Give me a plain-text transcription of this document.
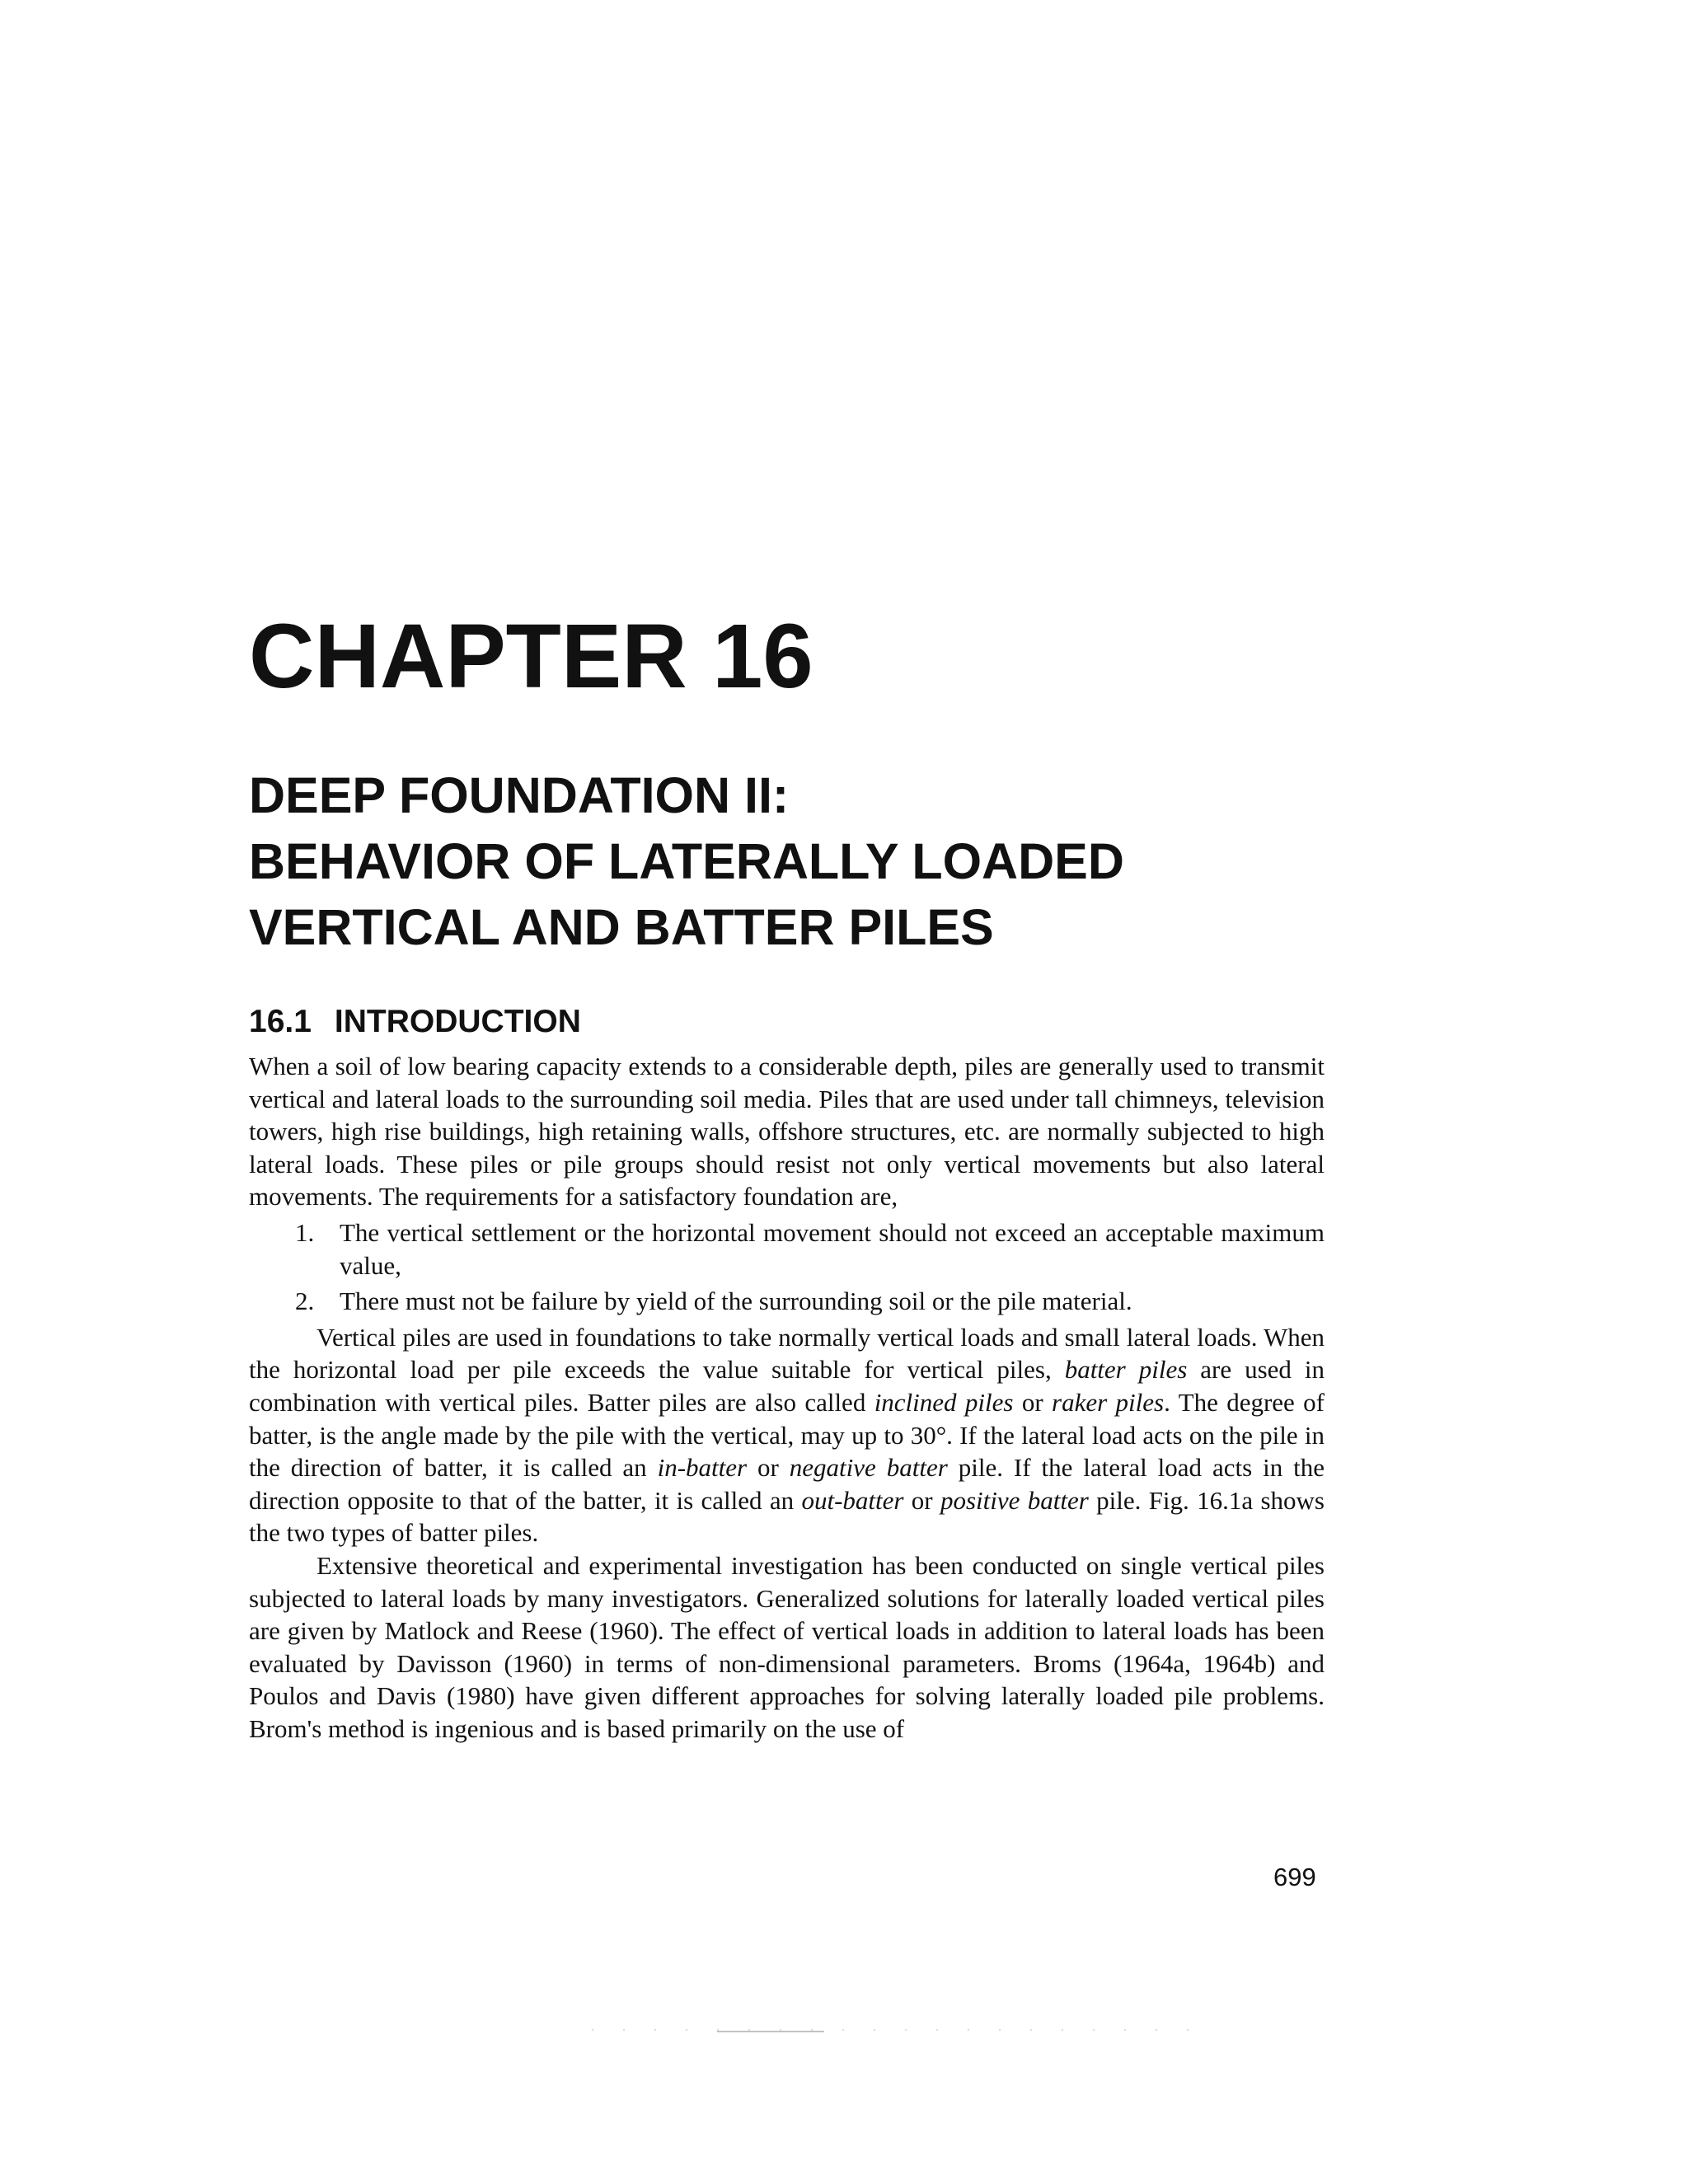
CHAPTER 16
DEEP FOUNDATION II:
BEHAVIOR OF LATERALLY LOADED
VERTICAL AND BATTER PILES
16.1 INTRODUCTION

When a soil of low bearing capacity extends to a considerable depth, piles are generally used to transmit vertical and lateral loads to the surrounding soil media. Piles that are used under tall chimneys, television towers, high rise buildings, high retaining walls, offshore structures, etc. are normally subjected to high lateral loads. These piles or pile groups should resist not only vertical movements but also lateral movements. The requirements for a satisfactory foundation are,

1. The vertical settlement or the horizontal movement should not exceed an acceptable maximum value,
2. There must not be failure by yield of the surrounding soil or the pile material.

Vertical piles are used in foundations to take normally vertical loads and small lateral loads. When the horizontal load per pile exceeds the value suitable for vertical piles, batter piles are used in combination with vertical piles. Batter piles are also called inclined piles or raker piles. The degree of batter, is the angle made by the pile with the vertical, may up to 30°. If the lateral load acts on the pile in the direction of batter, it is called an in-batter or negative batter pile. If the lateral load acts in the direction opposite to that of the batter, it is called an out-batter or positive batter pile. Fig. 16.1a shows the two types of batter piles.

Extensive theoretical and experimental investigation has been conducted on single vertical piles subjected to lateral loads by many investigators. Generalized solutions for laterally loaded vertical piles are given by Matlock and Reese (1960). The effect of vertical loads in addition to lateral loads has been evaluated by Davisson (1960) in terms of non-dimensional parameters. Broms (1964a, 1964b) and Poulos and Davis (1980) have given different approaches for solving laterally loaded pile problems. Brom's method is ingenious and is based primarily on the use of

699
